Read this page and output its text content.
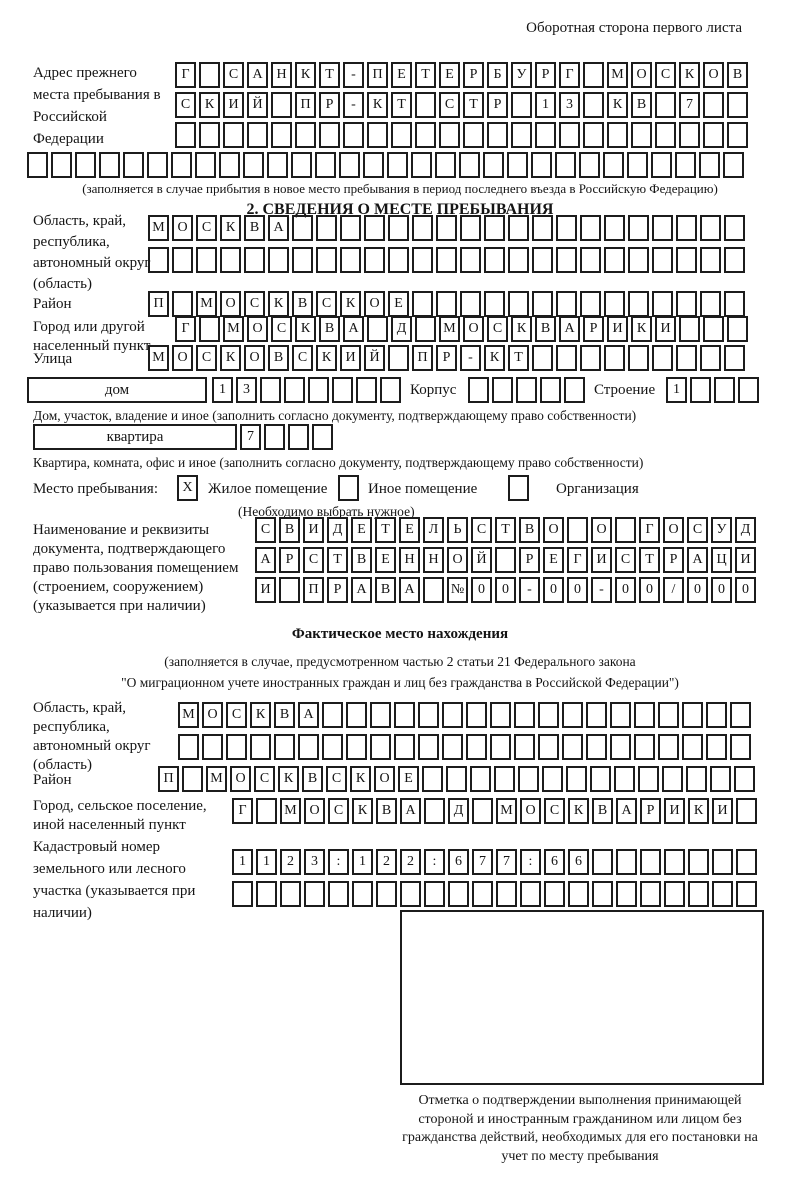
Оборотная сторона первого листа
Адрес прежнего места пребывания в Российской Федерации
Г	С А Н К Т - П Е Т Е Р Б У Р Г	М О С К О В
С К И Й	П Р - К Т	С Т Р	1 3	К В	7

(заполняется в случае прибытия в новое место пребывания в период последнего въезда в Российскую Федерацию)
2. СВЕДЕНИЯ О МЕСТЕ ПРЕБЫВАНИЯ
Область, край, республика, автономный округ (область)
М О С К В А

Район	П	М О С К В С К О Е
Город или другой населенный пункт
Г	М О С К В А	Д	М О С К В А Р И К И
Улица	М О С К О В С К И Й	П Р - К Т
дом	1 3	Корпус
	Строение	1
Дом, участок, владение и иное (заполнить согласно документу, подтверждающему право собственности)
квартира	7
Квартира, комната, офис и иное (заполнить согласно документу, подтверждающему право собственности)
Место пребывания:	Х	Жилое помещение
	Иное помещение
	Организация
(Необходимо выбрать нужное)
Наименование и реквизиты документа, подтверждающего право пользования помещением (строением, сооружением) (указывается при наличии)
С В И Д Е Т Е Л Ь С Т В О	О	Г О С У Д
А Р С Т В Е Н Н О Й	Р Е Г И С Т Р А Ц И
И	П Р А В А	№ 0 0 - 0 0 - 0 0 / 0 0 0
Фактическое место нахождения
(заполняется в случае, предусмотренном частью 2 статьи 21 Федерального закона
"О миграционном учете иностранных граждан и лиц без гражданства в Российской Федерации")
Область, край, республика, автономный округ (область)
М О С К В А

Район	П	М О С К В С К О Е
Город, сельское поселение, иной населенный пункт
Г	М О С К В А	Д	М О С К В А Р И К И
Кадастровый номер земельного или лесного участка (указывается при наличии)
1 1 2 3 : 1 2 2 : 6 7 7 : 6 6

Отметка о подтверждении выполнения принимающей стороной и иностранным гражданином или лицом без гражданства действий, необходимых для его постановки на учет по месту пребывания
